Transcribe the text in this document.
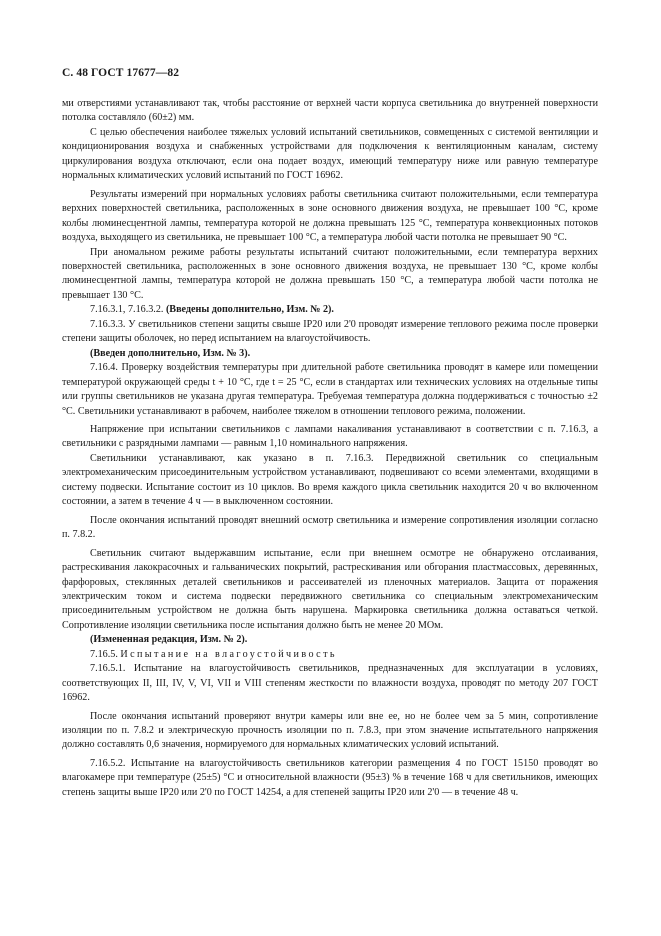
С. 48 ГОСТ 17677—82

ми отверстиями устанавливают так, чтобы расстояние от верхней части корпуса светильника до внутренней поверхности потолка составляло (60±2) мм.

С целью обеспечения наиболее тяжелых условий испытаний светильников, совмещенных с системой вентиляции и кондиционирования воздуха и снабженных устройствами для подключения к вентиляционным каналам, систему циркулирования воздуха отключают, если она подает воздух, имеющий температуру ниже или равную температуре нормальных климатических условий испытаний по ГОСТ 16962.

Результаты измерений при нормальных условиях работы светильника считают положительными, если температура верхних поверхностей светильника, расположенных в зоне основного движения воздуха, не превышает 100 °С, кроме колбы люминесцентной лампы, температура которой не должна превышать 125 °С, температура конвекционных потоков воздуха, выходящего из светильника, не превышает 100 °С, а температура любой части потолка не превышает 90 °С.

При аномальном режиме работы результаты испытаний считают положительными, если температура верхних поверхностей светильника, расположенных в зоне основного движения воздуха, не превышает 130 °С, кроме колбы люминесцентной лампы, температура которой не должна превышать 150 °С, а температура любой части потолка не превышает 130 °С.

7.16.3.1, 7.16.3.2. (Введены дополнительно, Изм. № 2).

7.16.3.3. У светильников степени защиты свыше IP20 или 2'0 проводят измерение теплового режима после проверки степени защиты оболочек, но перед испытанием на влагоустойчивость.

(Введен дополнительно, Изм. № 3).

7.16.4. Проверку воздействия температуры при длительной работе светильника проводят в камере или помещении температурой окружающей среды t + 10 °С, где t = 25 °С, если в стандартах или технических условиях на отдельные типы или группы светильников не указана другая температура. Требуемая температура должна поддерживаться с точностью ±2 °С. Светильники устанавливают в рабочем, наиболее тяжелом в отношении теплового режима, положении.

Напряжение при испытании светильников с лампами накаливания устанавливают в соответствии с п. 7.16.3, а светильники с разрядными лампами — равным 1,10 номинального напряжения.

Светильники устанавливают, как указано в п. 7.16.3. Передвижной светильник со специальным электромеханическим присоединительным устройством устанавливают, подвешивают со всеми элементами, входящими в систему подвески. Испытание состоит из 10 циклов. Во время каждого цикла светильник находится 20 ч во включенном состоянии, а затем в течение 4 ч — в выключенном состоянии.

После окончания испытаний проводят внешний осмотр светильника и измерение сопротивления изоляции согласно п. 7.8.2.

Светильник считают выдержавшим испытание, если при внешнем осмотре не обнаружено отслаивания, растрескивания лакокрасочных и гальванических покрытий, растрескивания или обгорания пластмассовых, деревянных, фарфоровых, стеклянных деталей светильников и рассеивателей из пленочных материалов. Защита от поражения электрическим током и система подвески передвижного светильника со специальным электромеханическим присоединительным устройством не должна быть нарушена. Маркировка светильника должна оставаться четкой. Сопротивление изоляции светильника после испытания должно быть не менее 20 МОм.

(Измененная редакция, Изм. № 2).

7.16.5. Испытание на влагоустойчивость

7.16.5.1. Испытание на влагоустойчивость светильников, предназначенных для эксплуатации в условиях, соответствующих II, III, IV, V, VI, VII и VIII степеням жесткости по влажности воздуха, проводят по методу 207 ГОСТ 16962.

После окончания испытаний проверяют внутри камеры или вне ее, но не более чем за 5 мин, сопротивление изоляции по п. 7.8.2 и электрическую прочность изоляции по п. 7.8.3, при этом значение испытательного напряжения должно составлять 0,6 значения, нормируемого для нормальных климатических условий испытаний.

7.16.5.2. Испытание на влагоустойчивость светильников категории размещения 4 по ГОСТ 15150 проводят во влагокамере при температуре (25±5) °С и относительной влажности (95±3) % в течение 168 ч для светильников, имеющих степень защиты выше IP20 или 2'0 по ГОСТ 14254, а для степеней защиты IP20 или 2'0 — в течение 48 ч.
